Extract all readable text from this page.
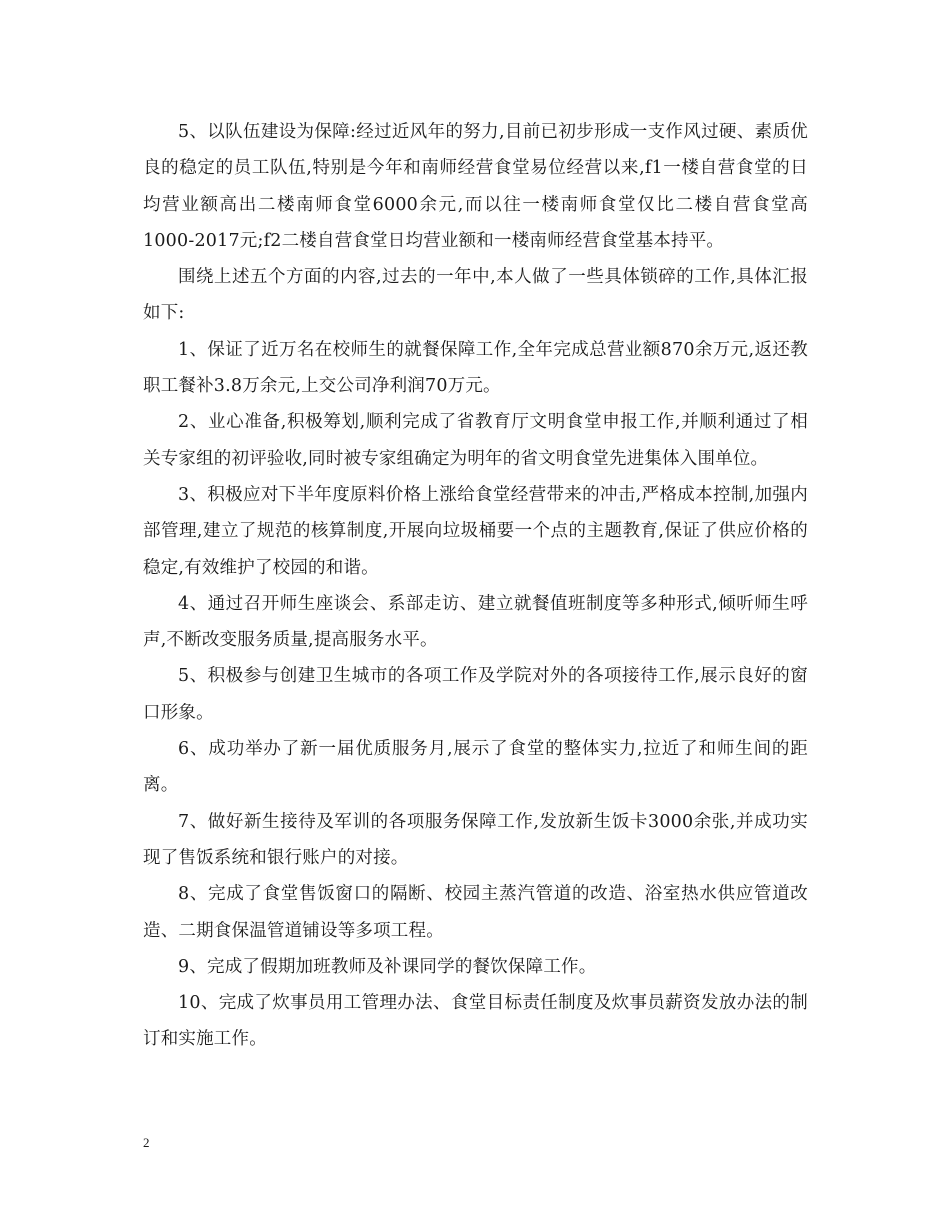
5、以队伍建设为保障:经过近风年的努力,目前已初步形成一支作风过硬、素质优良的稳定的员工队伍,特别是今年和南师经营食堂易位经营以来,f1一楼自营食堂的日均营业额高出二楼南师食堂6000余元,而以往一楼南师食堂仅比二楼自营食堂高1000-2017元;f2二楼自营食堂日均营业额和一楼南师经营食堂基本持平。

围绕上述五个方面的内容,过去的一年中,本人做了一些具体锁碎的工作,具体汇报如下:

1、保证了近万名在校师生的就餐保障工作,全年完成总营业额870余万元,返还教职工餐补3.8万余元,上交公司净利润70万元。

2、业心准备,积极筹划,顺利完成了省教育厅文明食堂申报工作,并顺利通过了相关专家组的初评验收,同时被专家组确定为明年的省文明食堂先进集体入围单位。

3、积极应对下半年度原料价格上涨给食堂经营带来的冲击,严格成本控制,加强内部管理,建立了规范的核算制度,开展向垃圾桶要一个点的主题教育,保证了供应价格的稳定,有效维护了校园的和谐。

4、通过召开师生座谈会、系部走访、建立就餐值班制度等多种形式,倾听师生呼声,不断改变服务质量,提高服务水平。

5、积极参与创建卫生城市的各项工作及学院对外的各项接待工作,展示良好的窗口形象。

6、成功举办了新一届优质服务月,展示了食堂的整体实力,拉近了和师生间的距离。

7、做好新生接待及军训的各项服务保障工作,发放新生饭卡3000余张,并成功实现了售饭系统和银行账户的对接。

8、完成了食堂售饭窗口的隔断、校园主蒸汽管道的改造、浴室热水供应管道改造、二期食保温管道铺设等多项工程。

9、完成了假期加班教师及补课同学的餐饮保障工作。

10、完成了炊事员用工管理办法、食堂目标责任制度及炊事员薪资发放办法的制订和实施工作。

2
